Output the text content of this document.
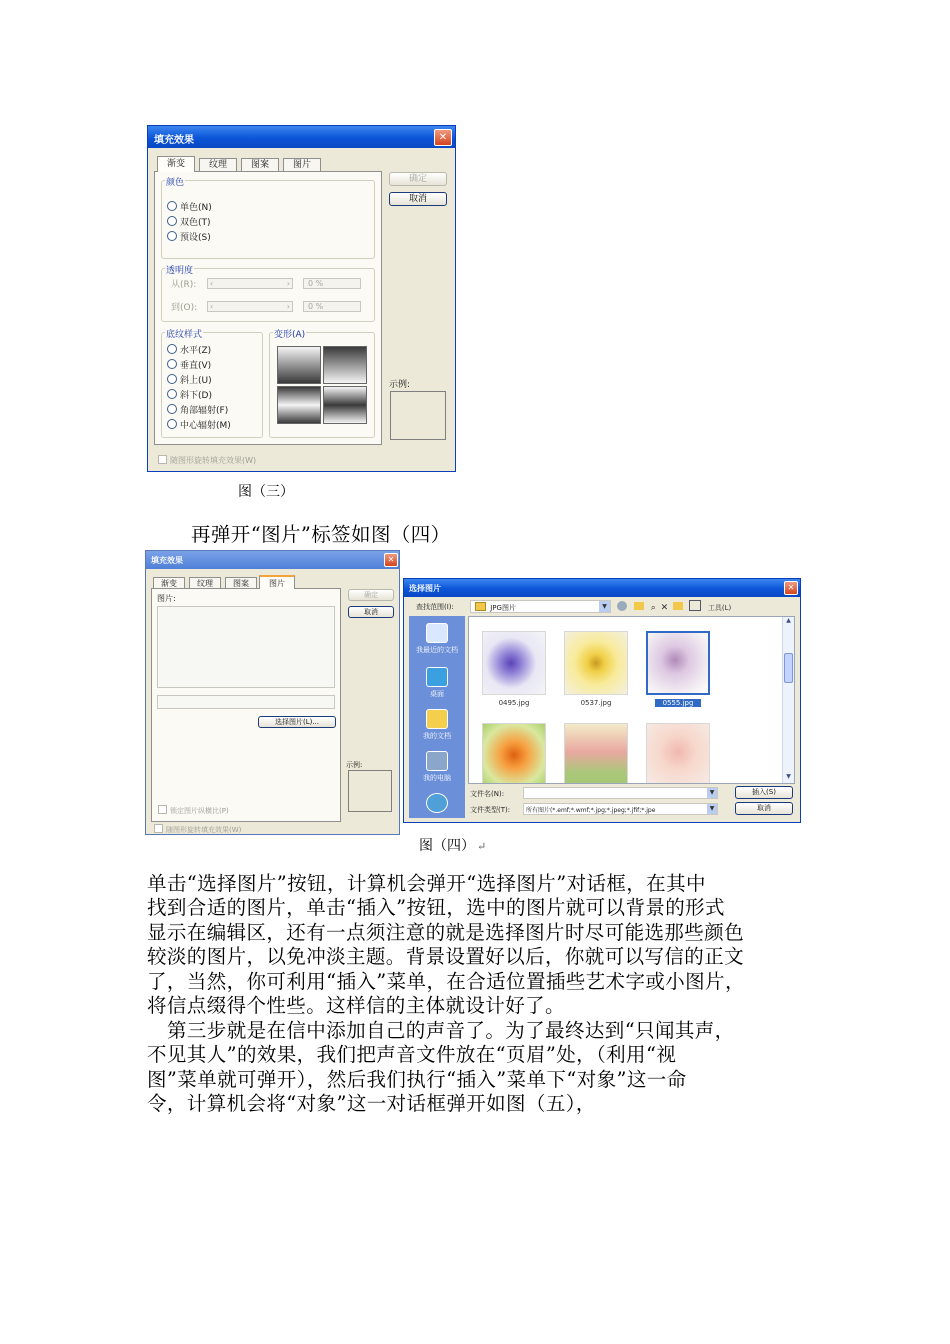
填充效果	✕
渐变	纹理	图案	图片
颜色
单色(N)
双色(T)
预设(S)
透明度
从(R): ‹	›	0 %
到(O): ‹	›	0 %
底纹样式
水平(Z)
垂直(V)
斜上(U)
斜下(D)
角部辐射(F)
中心辐射(M)
变形(A)
确定
取消
示例:
随图形旋转填充效果(W)
图（三）
再弹开“图片”标签如图（四）
填充效果	✕
渐变	纹理	图案	图片
图片:
选择图片(L)...
锁定图片纵横比(P)
确定
取消
示例:
随图形旋转填充效果(W)
选择图片	✕
查找范围(I):	JPG图片	▼	⌕ ✕	工具(L)
我最近的文档
桌面
我的文档
我的电脑
0495.jpg	0537.jpg	0555.jpg
▲
▼
文件名(N):	▼
文件类型(T):	所有图片(*.emf;*.wmf;*.jpg;*.jpeg;*.jfif;*.jpe	▼
插入(S)
取消
图（四） ↵
单击“选择图片”按钮，计算机会弹开“选择图片”对话框，在其中
找到合适的图片，单击“插入”按钮，选中的图片就可以背景的形式
显示在编辑区，还有一点须注意的就是选择图片时尽可能选那些颜色
较淡的图片，以免冲淡主题。背景设置好以后，你就可以写信的正文
了，当然，你可利用“插入”菜单，在合适位置插些艺术字或小图片，
将信点缀得个性些。这样信的主体就设计好了。
第三步就是在信中添加自己的声音了。为了最终达到“只闻其声，
不见其人”的效果，我们把声音文件放在“页眉”处，（利用“视
图”菜单就可弹开），然后我们执行“插入”菜单下“对象”这一命
令，计算机会将“对象”这一对话框弹开如图（五），
